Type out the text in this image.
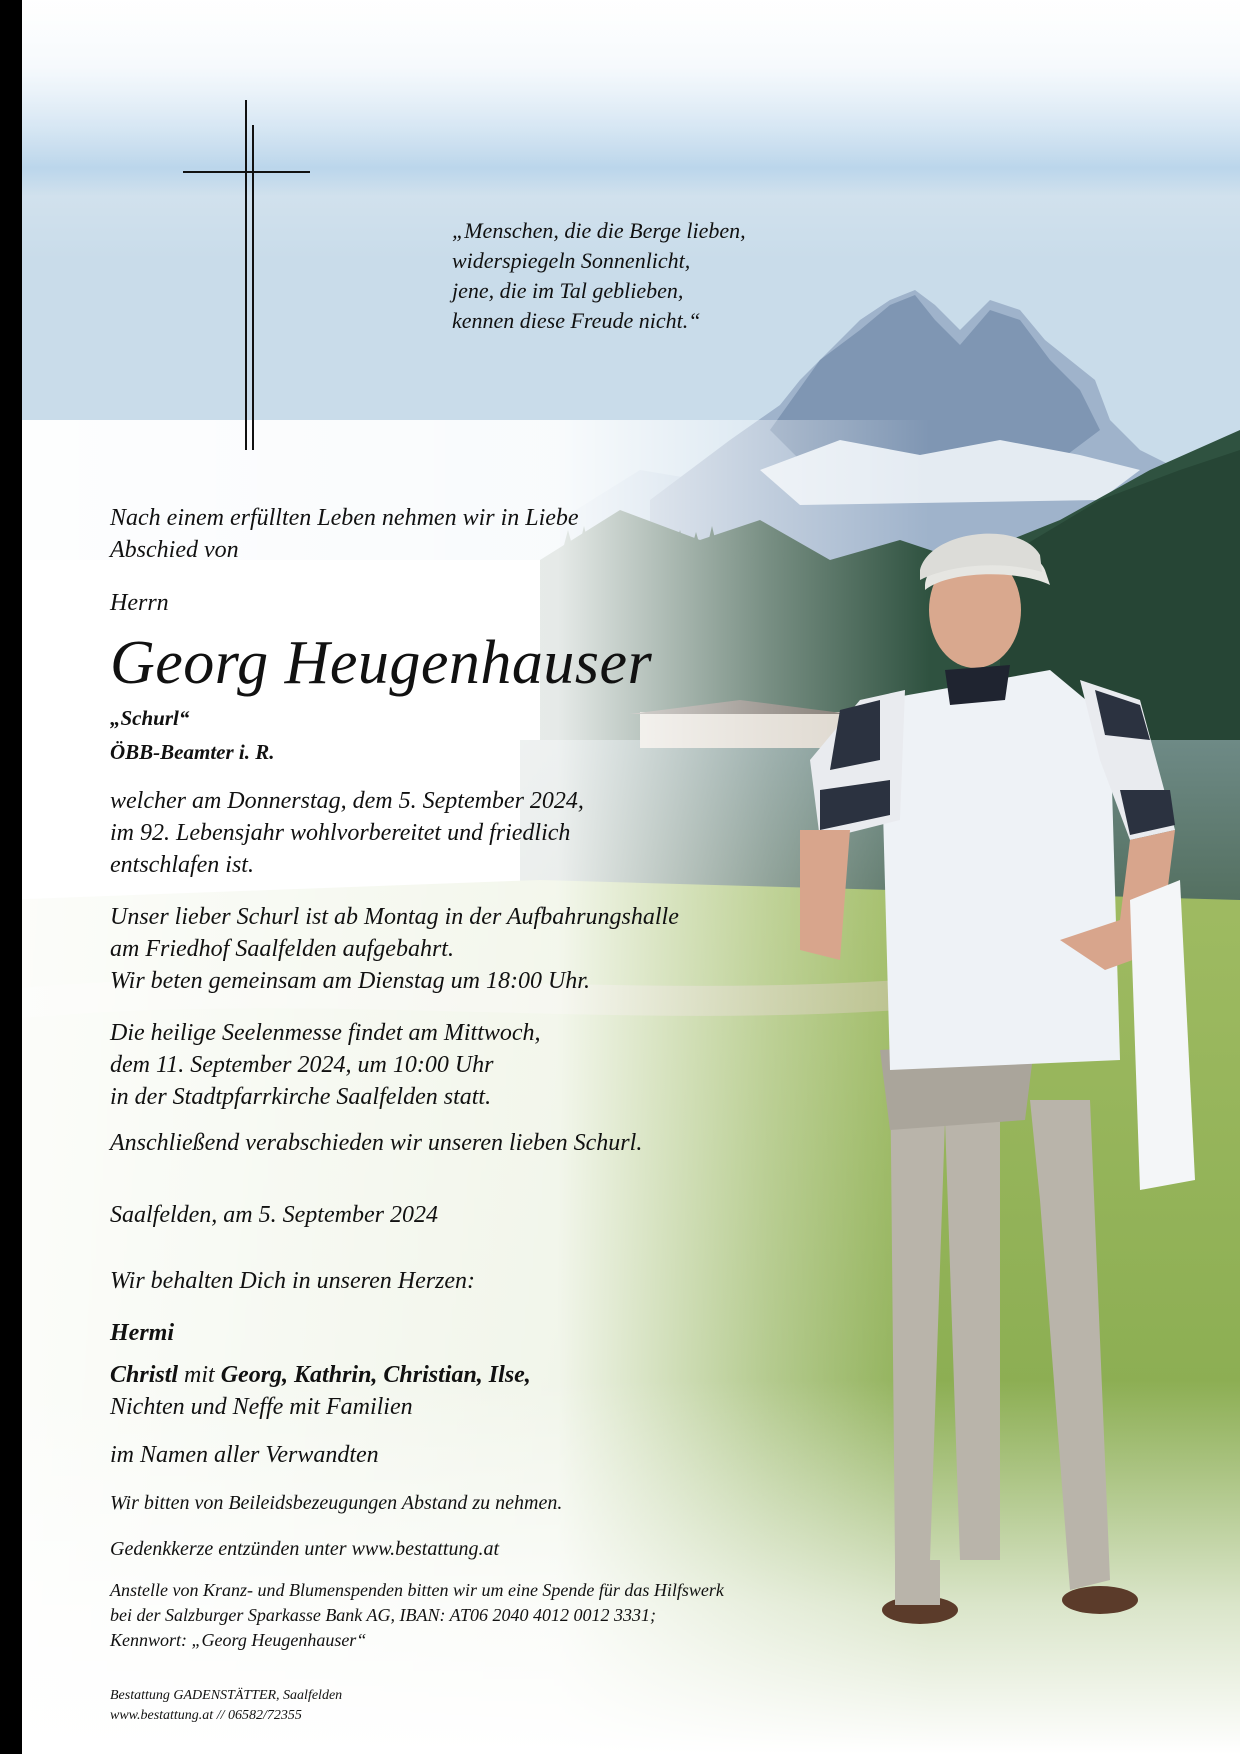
„Menschen, die die Berge lieben,
widerspiegeln Sonnenlicht,
jene, die im Tal geblieben,
kennen diese Freude nicht.“
Nach einem erfüllten Leben nehmen wir in Liebe
Abschied von
Herrn
Georg Heugenhauser
„Schurl“
ÖBB-Beamter i. R.
welcher am Donnerstag, dem 5. September 2024,
im 92. Lebensjahr wohlvorbereitet und friedlich
entschlafen ist.
Unser lieber Schurl ist ab Montag in der Aufbahrungshalle
am Friedhof Saalfelden aufgebahrt.
Wir beten gemeinsam am Dienstag um 18:00 Uhr.
Die heilige Seelenmesse findet am Mittwoch,
dem 11. September 2024, um 10:00 Uhr
in der Stadtpfarrkirche Saalfelden statt.
Anschließend verabschieden wir unseren lieben Schurl.
Saalfelden, am 5. September 2024
Wir behalten Dich in unseren Herzen:
Hermi
Christl mit Georg, Kathrin, Christian, Ilse,
Nichten und Neffe mit Familien
im Namen aller Verwandten
Wir bitten von Beileidsbezeugungen Abstand zu nehmen.
Gedenkkerze entzünden unter www.bestattung.at
Anstelle von Kranz- und Blumenspenden bitten wir um eine Spende für das Hilfswerk
bei der Salzburger Sparkasse Bank AG, IBAN: AT06 2040 4012 0012 3331;
Kennwort: „Georg Heugenhauser“
Bestattung GADENSTÄTTER, Saalfelden
www.bestattung.at // 06582/72355
